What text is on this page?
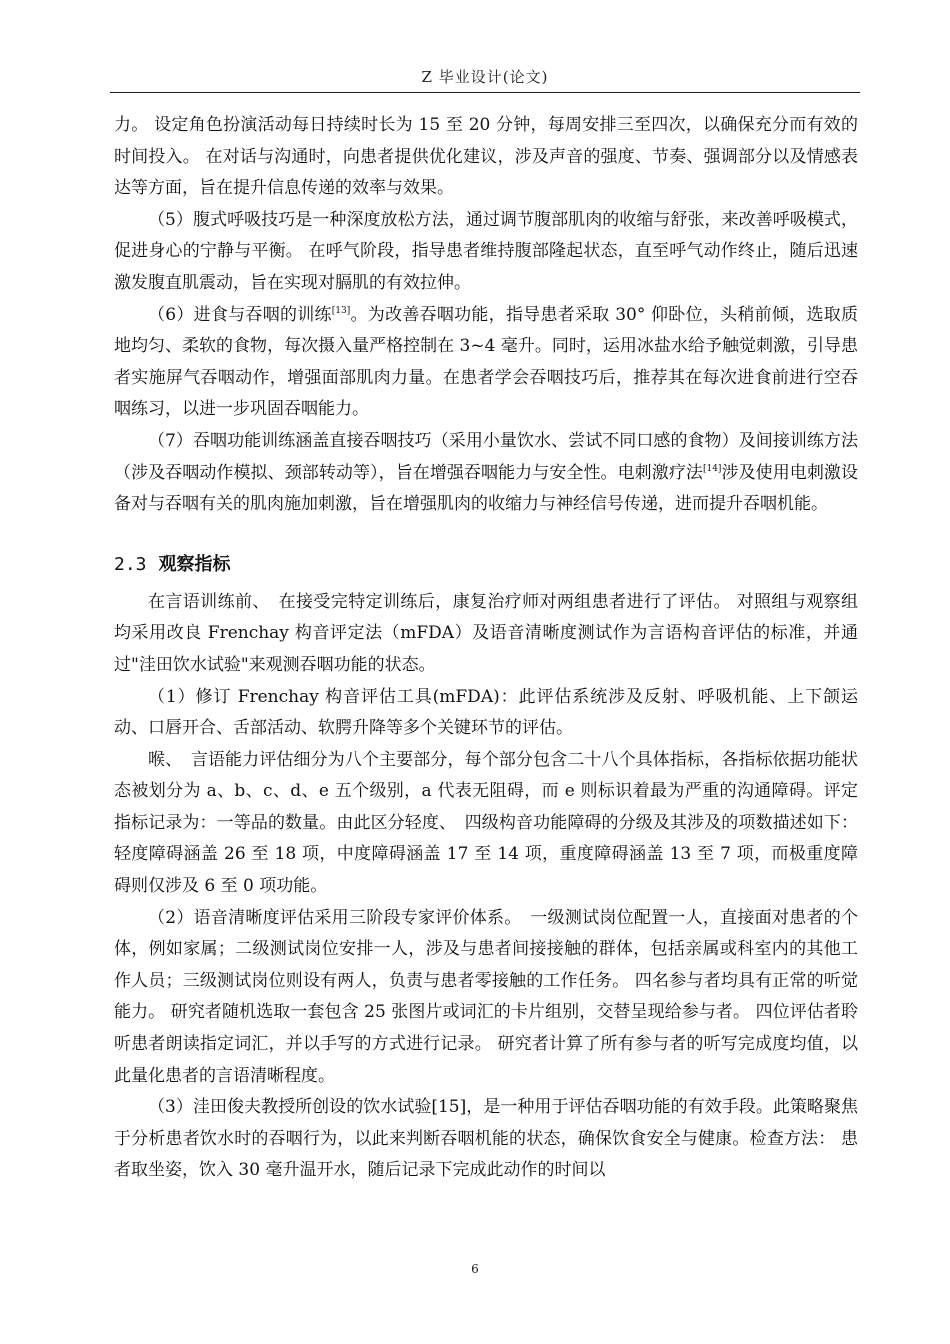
Z 毕业设计(论文)

力。 设定角色扮演活动每日持续时长为 15 至 20 分钟，每周安排三至四次，以确保充分而有效的时间投入。 在对话与沟通时，向患者提供优化建议，涉及声音的强度、节奏、强调部分以及情感表达等方面，旨在提升信息传递的效率与效果。

（5）腹式呼吸技巧是一种深度放松方法，通过调节腹部肌肉的收缩与舒张，来改善呼吸模式，促进身心的宁静与平衡。 在呼气阶段，指导患者维持腹部隆起状态，直至呼气动作终止，随后迅速激发腹直肌震动，旨在实现对膈肌的有效拉伸。

（6）进食与吞咽的训练[13]。为改善吞咽功能，指导患者采取 30° 仰卧位，头稍前倾，选取质地均匀、柔软的食物，每次摄入量严格控制在 3~4 毫升。同时，运用冰盐水给予触觉刺激，引导患者实施屏气吞咽动作，增强面部肌肉力量。在患者学会吞咽技巧后，推荐其在每次进食前进行空吞咽练习，以进一步巩固吞咽能力。

（7）吞咽功能训练涵盖直接吞咽技巧（采用小量饮水、尝试不同口感的食物）及间接训练方法（涉及吞咽动作模拟、颈部转动等），旨在增强吞咽能力与安全性。电刺激疗法[14]涉及使用电刺激设备对与吞咽有关的肌肉施加刺激，旨在增强肌肉的收缩力与神经信号传递，进而提升吞咽机能。

2.3 观察指标

在言语训练前、　在接受完特定训练后，康复治疗师对两组患者进行了评估。 对照组与观察组均采用改良 Frenchay 构音评定法（mFDA）及语音清晰度测试作为言语构音评估的标准，并通过"洼田饮水试验"来观测吞咽功能的状态。

（1）修订 Frenchay 构音评估工具(mFDA)：此评估系统涉及反射、呼吸机能、上下颌运动、口唇开合、舌部活动、软腭升降等多个关键环节的评估。

喉、　言语能力评估细分为八个主要部分，每个部分包含二十八个具体指标，各指标依据功能状态被划分为 a、b、c、d、e 五个级别，a 代表无阻碍，而 e 则标识着最为严重的沟通障碍。评定指标记录为：一等品的数量。由此区分轻度、　四级构音功能障碍的分级及其涉及的项数描述如下：轻度障碍涵盖 26 至 18 项，中度障碍涵盖 17 至 14 项，重度障碍涵盖 13 至 7 项，而极重度障碍则仅涉及 6 至 0 项功能。

（2）语音清晰度评估采用三阶段专家评价体系。　一级测试岗位配置一人，直接面对患者的个体，例如家属；二级测试岗位安排一人，涉及与患者间接接触的群体，包括亲属或科室内的其他工作人员；三级测试岗位则设有两人，负责与患者零接触的工作任务。 四名参与者均具有正常的听觉能力。 研究者随机选取一套包含 25 张图片或词汇的卡片组别，交替呈现给参与者。 四位评估者聆听患者朗读指定词汇，并以手写的方式进行记录。 研究者计算了所有参与者的听写完成度均值，以此量化患者的言语清晰程度。

（3）洼田俊夫教授所创设的饮水试验[15]，是一种用于评估吞咽功能的有效手段。此策略聚焦于分析患者饮水时的吞咽行为，以此来判断吞咽机能的状态，确保饮食安全与健康。检查方法： 患者取坐姿，饮入 30 毫升温开水，随后记录下完成此动作的时间以

6
